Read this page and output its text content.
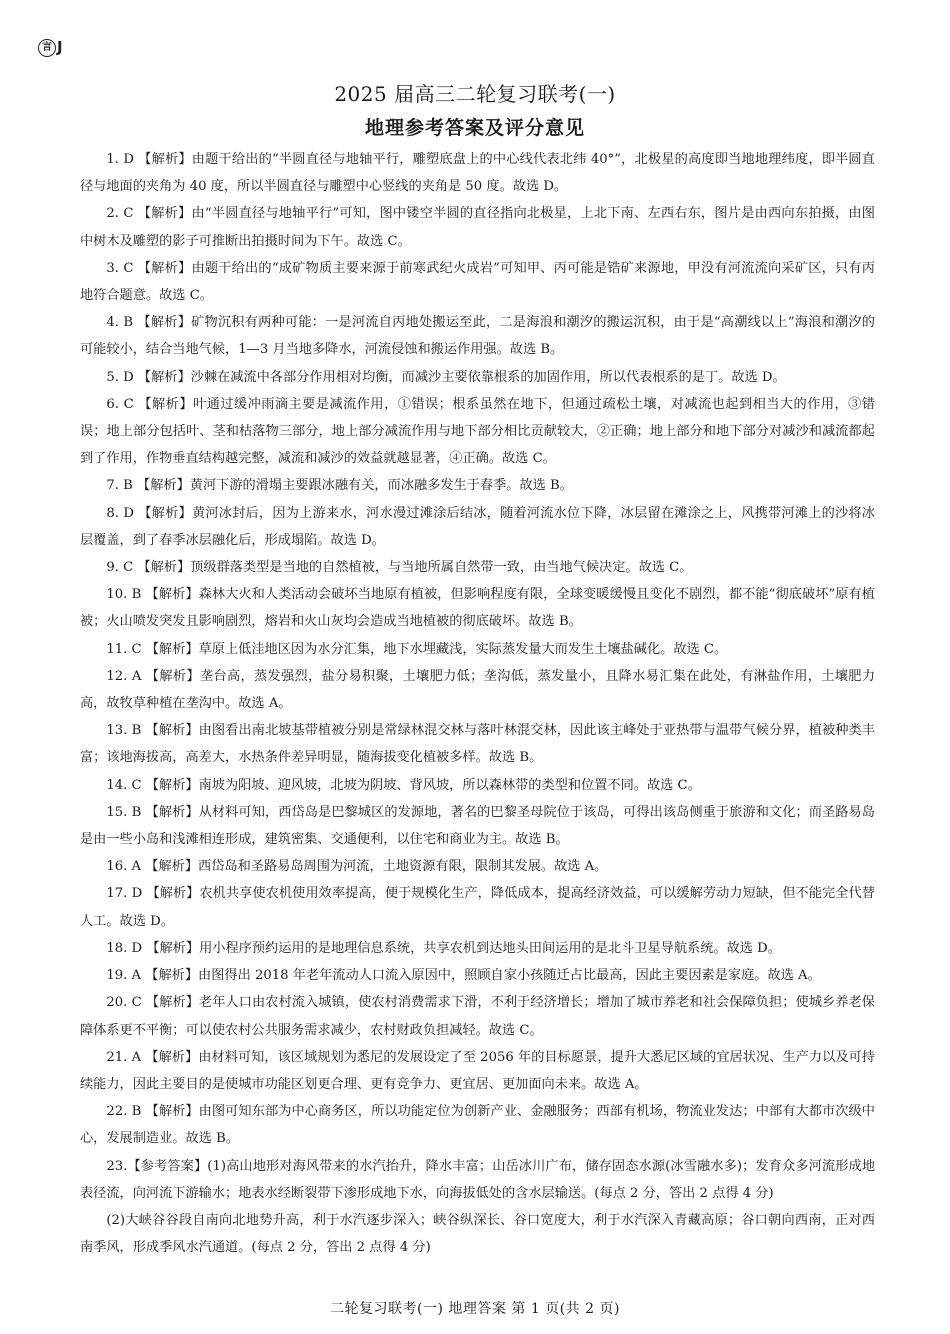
言 J
2025 届高三二轮复习联考(一)
地理参考答案及评分意见

1. D 【解析】由题干给出的“半圆直径与地轴平行，雕塑底盘上的中心线代表北纬 40°”，北极星的高度即当地地理纬度，即半圆直径与地面的夹角为 40 度，所以半圆直径与雕塑中心竖线的夹角是 50 度。故选 D。

2. C 【解析】由“半圆直径与地轴平行”可知，图中镂空半圆的直径指向北极星，上北下南、左西右东，图片是由西向东拍摄，由图中树木及雕塑的影子可推断出拍摄时间为下午。故选 C。

3. C 【解析】由题干给出的“成矿物质主要来源于前寒武纪火成岩”可知甲、丙可能是锆矿来源地，甲没有河流流向采矿区，只有丙地符合题意。故选 C。

4. B 【解析】矿物沉积有两种可能：一是河流自丙地处搬运至此，二是海浪和潮汐的搬运沉积，由于是“高潮线以上”海浪和潮汐的可能较小，结合当地气候，1—3 月当地多降水，河流侵蚀和搬运作用强。故选 B。

5. D 【解析】沙棘在减流中各部分作用相对均衡，而减沙主要依靠根系的加固作用，所以代表根系的是丁。故选 D。

6. C 【解析】叶通过缓冲雨滴主要是减流作用，①错误；根系虽然在地下，但通过疏松土壤，对减流也起到相当大的作用，③错误；地上部分包括叶、茎和枯落物三部分，地上部分减流作用与地下部分相比贡献较大，②正确；地上部分和地下部分对减沙和减流都起到了作用，作物垂直结构越完整，减流和减沙的效益就越显著，④正确。故选 C。

7. B 【解析】黄河下游的滑塌主要跟冰融有关，而冰融多发生于春季。故选 B。

8. D 【解析】黄河冰封后，因为上游来水，河水漫过滩涂后结冰，随着河流水位下降，冰层留在滩涂之上，风携带河滩上的沙将冰层覆盖，到了春季冰层融化后，形成塌陷。故选 D。

9. C 【解析】顶级群落类型是当地的自然植被，与当地所属自然带一致，由当地气候决定。故选 C。

10. B 【解析】森林大火和人类活动会破坏当地原有植被，但影响程度有限，全球变暖缓慢且变化不剧烈，都不能“彻底破坏”原有植被；火山喷发突发且影响剧烈，熔岩和火山灰均会造成当地植被的彻底破坏。故选 B。

11. C 【解析】草原上低洼地区因为水分汇集，地下水埋藏浅，实际蒸发量大而发生土壤盐碱化。故选 C。

12. A 【解析】垄台高，蒸发强烈，盐分易积聚，土壤肥力低；垄沟低，蒸发量小，且降水易汇集在此处，有淋盐作用，土壤肥力高，故牧草种植在垄沟中。故选 A。

13. B 【解析】由图看出南北坡基带植被分别是常绿林混交林与落叶林混交林，因此该主峰处于亚热带与温带气候分界，植被种类丰富；该地海拔高，高差大，水热条件差异明显，随海拔变化植被多样。故选 B。

14. C 【解析】南坡为阳坡、迎风坡，北坡为阴坡、背风坡，所以森林带的类型和位置不同。故选 C。

15. B 【解析】从材料可知，西岱岛是巴黎城区的发源地，著名的巴黎圣母院位于该岛，可得出该岛侧重于旅游和文化；而圣路易岛是由一些小岛和浅滩相连形成，建筑密集、交通便利，以住宅和商业为主。故选 B。

16. A 【解析】西岱岛和圣路易岛周围为河流，土地资源有限，限制其发展。故选 A。

17. D 【解析】农机共享使农机使用效率提高，便于规模化生产，降低成本，提高经济效益，可以缓解劳动力短缺，但不能完全代替人工。故选 D。

18. D 【解析】用小程序预约运用的是地理信息系统，共享农机到达地头田间运用的是北斗卫星导航系统。故选 D。

19. A 【解析】由图得出 2018 年老年流动人口流入原因中，照顾自家小孩随迁占比最高，因此主要因素是家庭。故选 A。

20. C 【解析】老年人口由农村流入城镇，使农村消费需求下滑，不利于经济增长；增加了城市养老和社会保障负担；使城乡养老保障体系更不平衡；可以使农村公共服务需求减少，农村财政负担减轻。故选 C。

21. A 【解析】由材料可知，该区域规划为悉尼的发展设定了至 2056 年的目标愿景，提升大悉尼区域的宜居状况、生产力以及可持续能力，因此主要目的是使城市功能区划更合理、更有竞争力、更宜居、更加面向未来。故选 A。

22. B 【解析】由图可知东部为中心商务区，所以功能定位为创新产业、金融服务；西部有机场，物流业发达；中部有大都市次级中心，发展制造业。故选 B。

23.【参考答案】(1)高山地形对海风带来的水汽抬升，降水丰富；山岳冰川广布，储存固态水源(冰雪融水多)；发育众多河流形成地表径流，向河流下游输水；地表水经断裂带下渗形成地下水，向海拔低处的含水层输送。(每点 2 分，答出 2 点得 4 分)

(2)大峡谷谷段自南向北地势升高，利于水汽逐步深入；峡谷纵深长、谷口宽度大，利于水汽深入青藏高原；谷口朝向西南，正对西南季风，形成季风水汽通道。(每点 2 分，答出 2 点得 4 分)

二轮复习联考(一) 地理答案 第 1 页(共 2 页)
